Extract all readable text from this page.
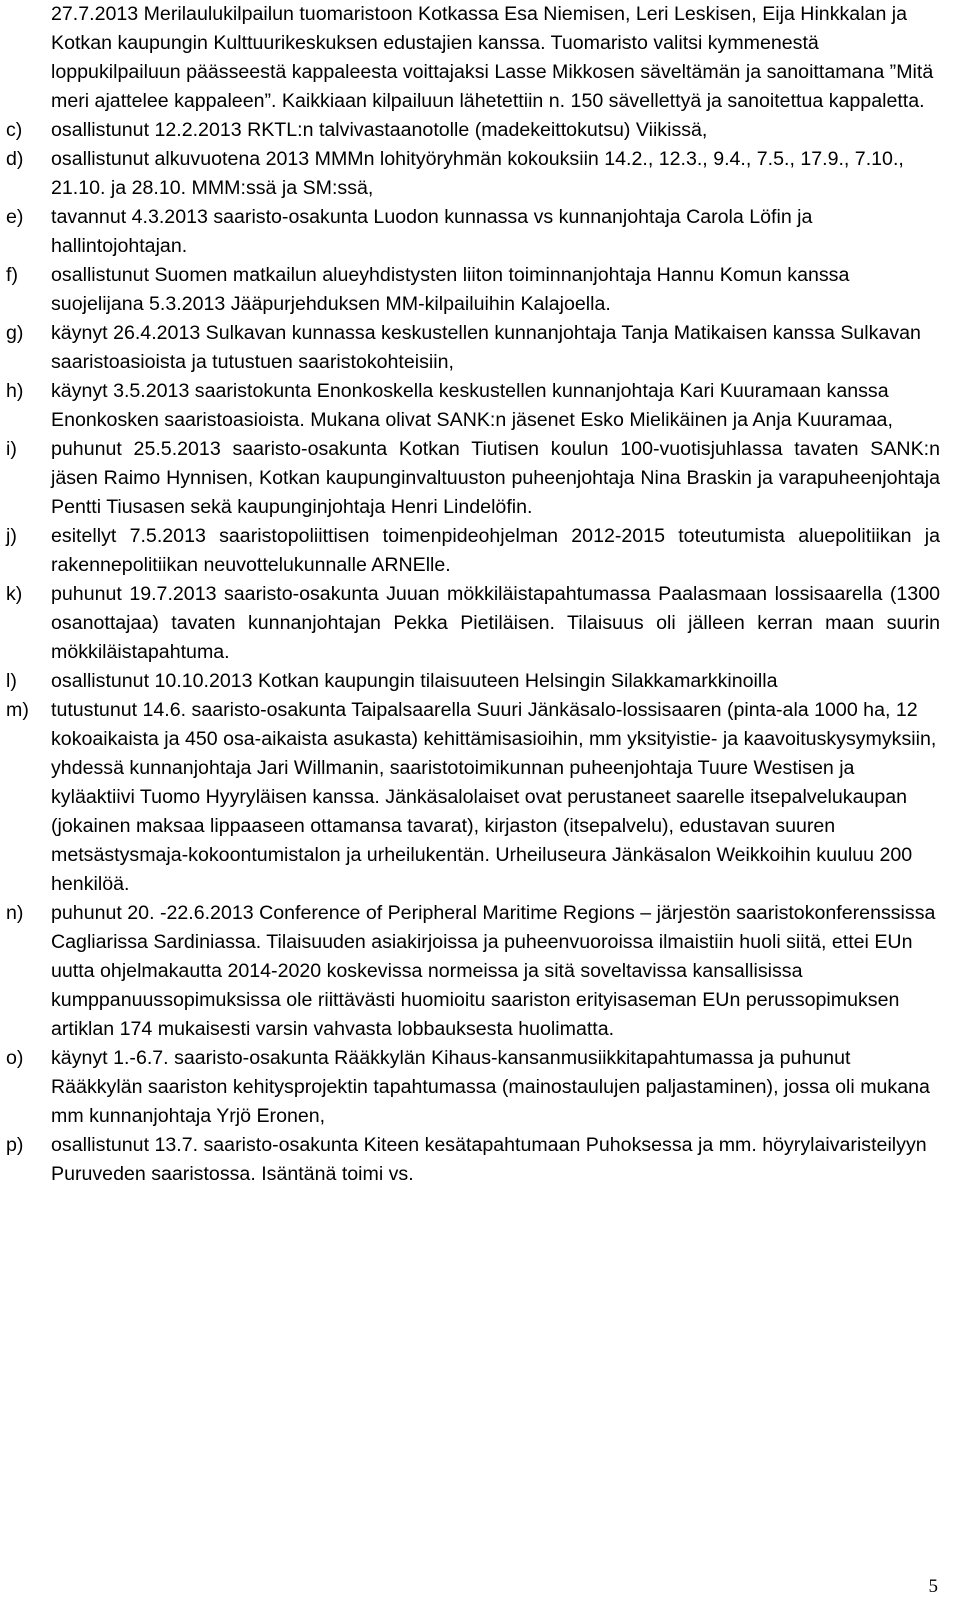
27.7.2013 Merilaulukilpailun tuomaristoon Kotkassa Esa Niemisen, Leri Leskisen, Eija Hinkkalan ja Kotkan kaupungin Kulttuurikeskuksen edustajien kanssa. Tuomaristo valitsi kymmenestä loppukilpailuun päässeestä kappaleesta voittajaksi Lasse Mikkosen säveltämän ja sanoittamana ”Mitä meri ajattelee kappaleen”. Kaikkiaan kilpailuun lähetettiin n. 150 sävellettyä ja sanoitettua kappaletta.

c)	osallistunut 12.2.2013 RKTL:n talvivastaanotolle (madekeittokutsu) Viikissä,
d)	osallistunut alkuvuotena 2013 MMMn lohityöryhmän kokouksiin 14.2., 12.3., 9.4., 7.5., 17.9., 7.10., 21.10. ja 28.10. MMM:ssä ja SM:ssä,
e)	tavannut 4.3.2013 saaristo-osakunta Luodon kunnassa vs kunnanjohtaja Carola Löfin ja hallintojohtajan.
f)	osallistunut Suomen matkailun alueyhdistysten liiton toiminnanjohtaja Hannu Komun kanssa suojelijana 5.3.2013 Jääpurjehduksen MM-kilpailuihin Kalajoella.
g)	käynyt 26.4.2013 Sulkavan kunnassa keskustellen kunnanjohtaja Tanja Matikaisen kanssa Sulkavan saaristoasioista ja tutustuen saaristokohteisiin,
h)	käynyt 3.5.2013 saaristokunta Enonkoskella keskustellen kunnanjohtaja Kari Kuuramaan kanssa Enonkosken saaristoasioista. Mukana olivat SANK:n jäsenet Esko Mielikäinen ja Anja Kuuramaa,
i)	puhunut 25.5.2013 saaristo-osakunta Kotkan Tiutisen koulun 100-vuotisjuhlassa tavaten SANK:n jäsen Raimo Hynnisen, Kotkan kaupunginvaltuuston puheenjohtaja Nina Braskin ja varapuheenjohtaja Pentti Tiusasen sekä kaupunginjohtaja Henri Lindelöfin.
j)	esitellyt 7.5.2013 saaristopoliittisen toimenpideohjelman 2012-2015 toteutumista aluepolitiikan ja rakennepolitiikan neuvottelukunnalle ARNElle.
k)	puhunut 19.7.2013 saaristo-osakunta Juuan mökkiläistapahtumassa Paalasmaan lossisaarella (1300 osanottajaa) tavaten kunnanjohtajan Pekka Pietiläisen. Tilaisuus oli jälleen kerran maan suurin mökkiläistapahtuma.
l)	osallistunut 10.10.2013 Kotkan kaupungin tilaisuuteen Helsingin Silakkamarkkinoilla
m)	tutustunut 14.6. saaristo-osakunta Taipalsaarella Suuri Jänkäsalo-lossisaaren (pinta-ala 1000 ha, 12 kokoaikaista ja 450 osa-aikaista asukasta) kehittämisasioihin, mm yksityistie- ja kaavoituskysymyksiin, yhdessä kunnanjohtaja Jari Willmanin, saaristotoimikunnan puheenjohtaja Tuure Westisen ja kyläaktiivi Tuomo Hyyryläisen kanssa. Jänkäsalolaiset ovat perustaneet saarelle itsepalvelukaupan (jokainen maksaa lippaaseen ottamansa tavarat), kirjaston (itsepalvelu), edustavan suuren metsästysmaja-kokoontumistalon ja urheilukentän. Urheiluseura Jänkäsalon Weikkoihin kuuluu 200 henkilöä.
n)	puhunut 20. -22.6.2013 Conference of Peripheral Maritime Regions – järjestön saaristokonferenssissa Cagliarissa Sardiniassa. Tilaisuuden asiakirjoissa ja puheenvuoroissa ilmaistiin huoli siitä, ettei EUn uutta ohjelmakautta 2014-2020 koskevissa normeissa ja sitä soveltavissa kansallisissa kumppanuussopimuksissa ole riittävästi huomioitu saariston erityisaseman EUn perussopimuksen artiklan 174 mukaisesti varsin vahvasta lobbauksesta huolimatta.
o)	käynyt 1.-6.7. saaristo-osakunta Rääkkylän Kihaus-kansanmusiikkitapahtumassa ja puhunut Rääkkylän saariston kehitysprojektin tapahtumassa (mainostaulujen paljastaminen), jossa oli mukana mm kunnanjohtaja Yrjö Eronen,
p)	osallistunut 13.7. saaristo-osakunta Kiteen kesätapahtumaan Puhoksessa ja mm. höyrylaivaristeilyyn Puruveden saaristossa. Isäntänä toimi vs.
5
